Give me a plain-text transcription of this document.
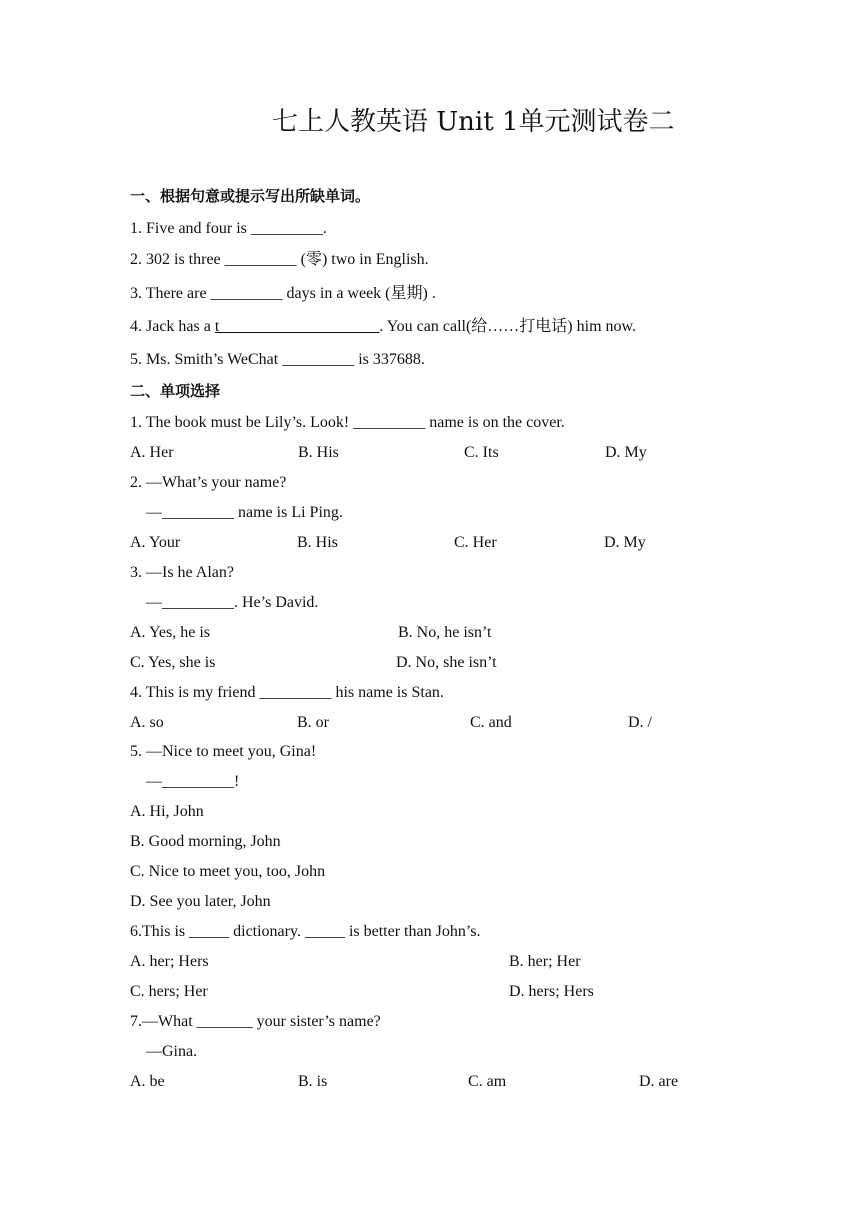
七上人教英语 Unit 1单元测试卷二
一、根据句意或提示写出所缺单词。
1. Five and four is _________.
2. 302 is three _________ (零) two in English.
3. There are _________ days in a week (星期) .
4. Jack has a t____________________. You can call(给……打电话) him now.
5. Ms. Smith’s WeChat _________ is 337688.
二、单项选择
1. The book must be Lily’s. Look! _________ name is on the cover.
A. Her	B. His	C. Its	D. My
2. —What’s your name?
—_________ name is Li Ping.
A. Your	B. His	C. Her	D. My
3. —Is he Alan?
—_________. He’s David.
A. Yes, he is	B. No, he isn’t
C. Yes, she is	D. No, she isn’t
4. This is my friend _________ his name is Stan.
A. so	B. or	C. and	D. /
5. —Nice to meet you, Gina!
—_________!
A. Hi, John
B. Good morning, John
C. Nice to meet you, too, John
D. See you later, John
6.This is _____ dictionary. _____ is better than John’s.
A. her; Hers	B. her; Her
C. hers; Her	D. hers; Hers
7.—What _______ your sister’s name?
—Gina.
A. be	B. is	C. am	D. are
